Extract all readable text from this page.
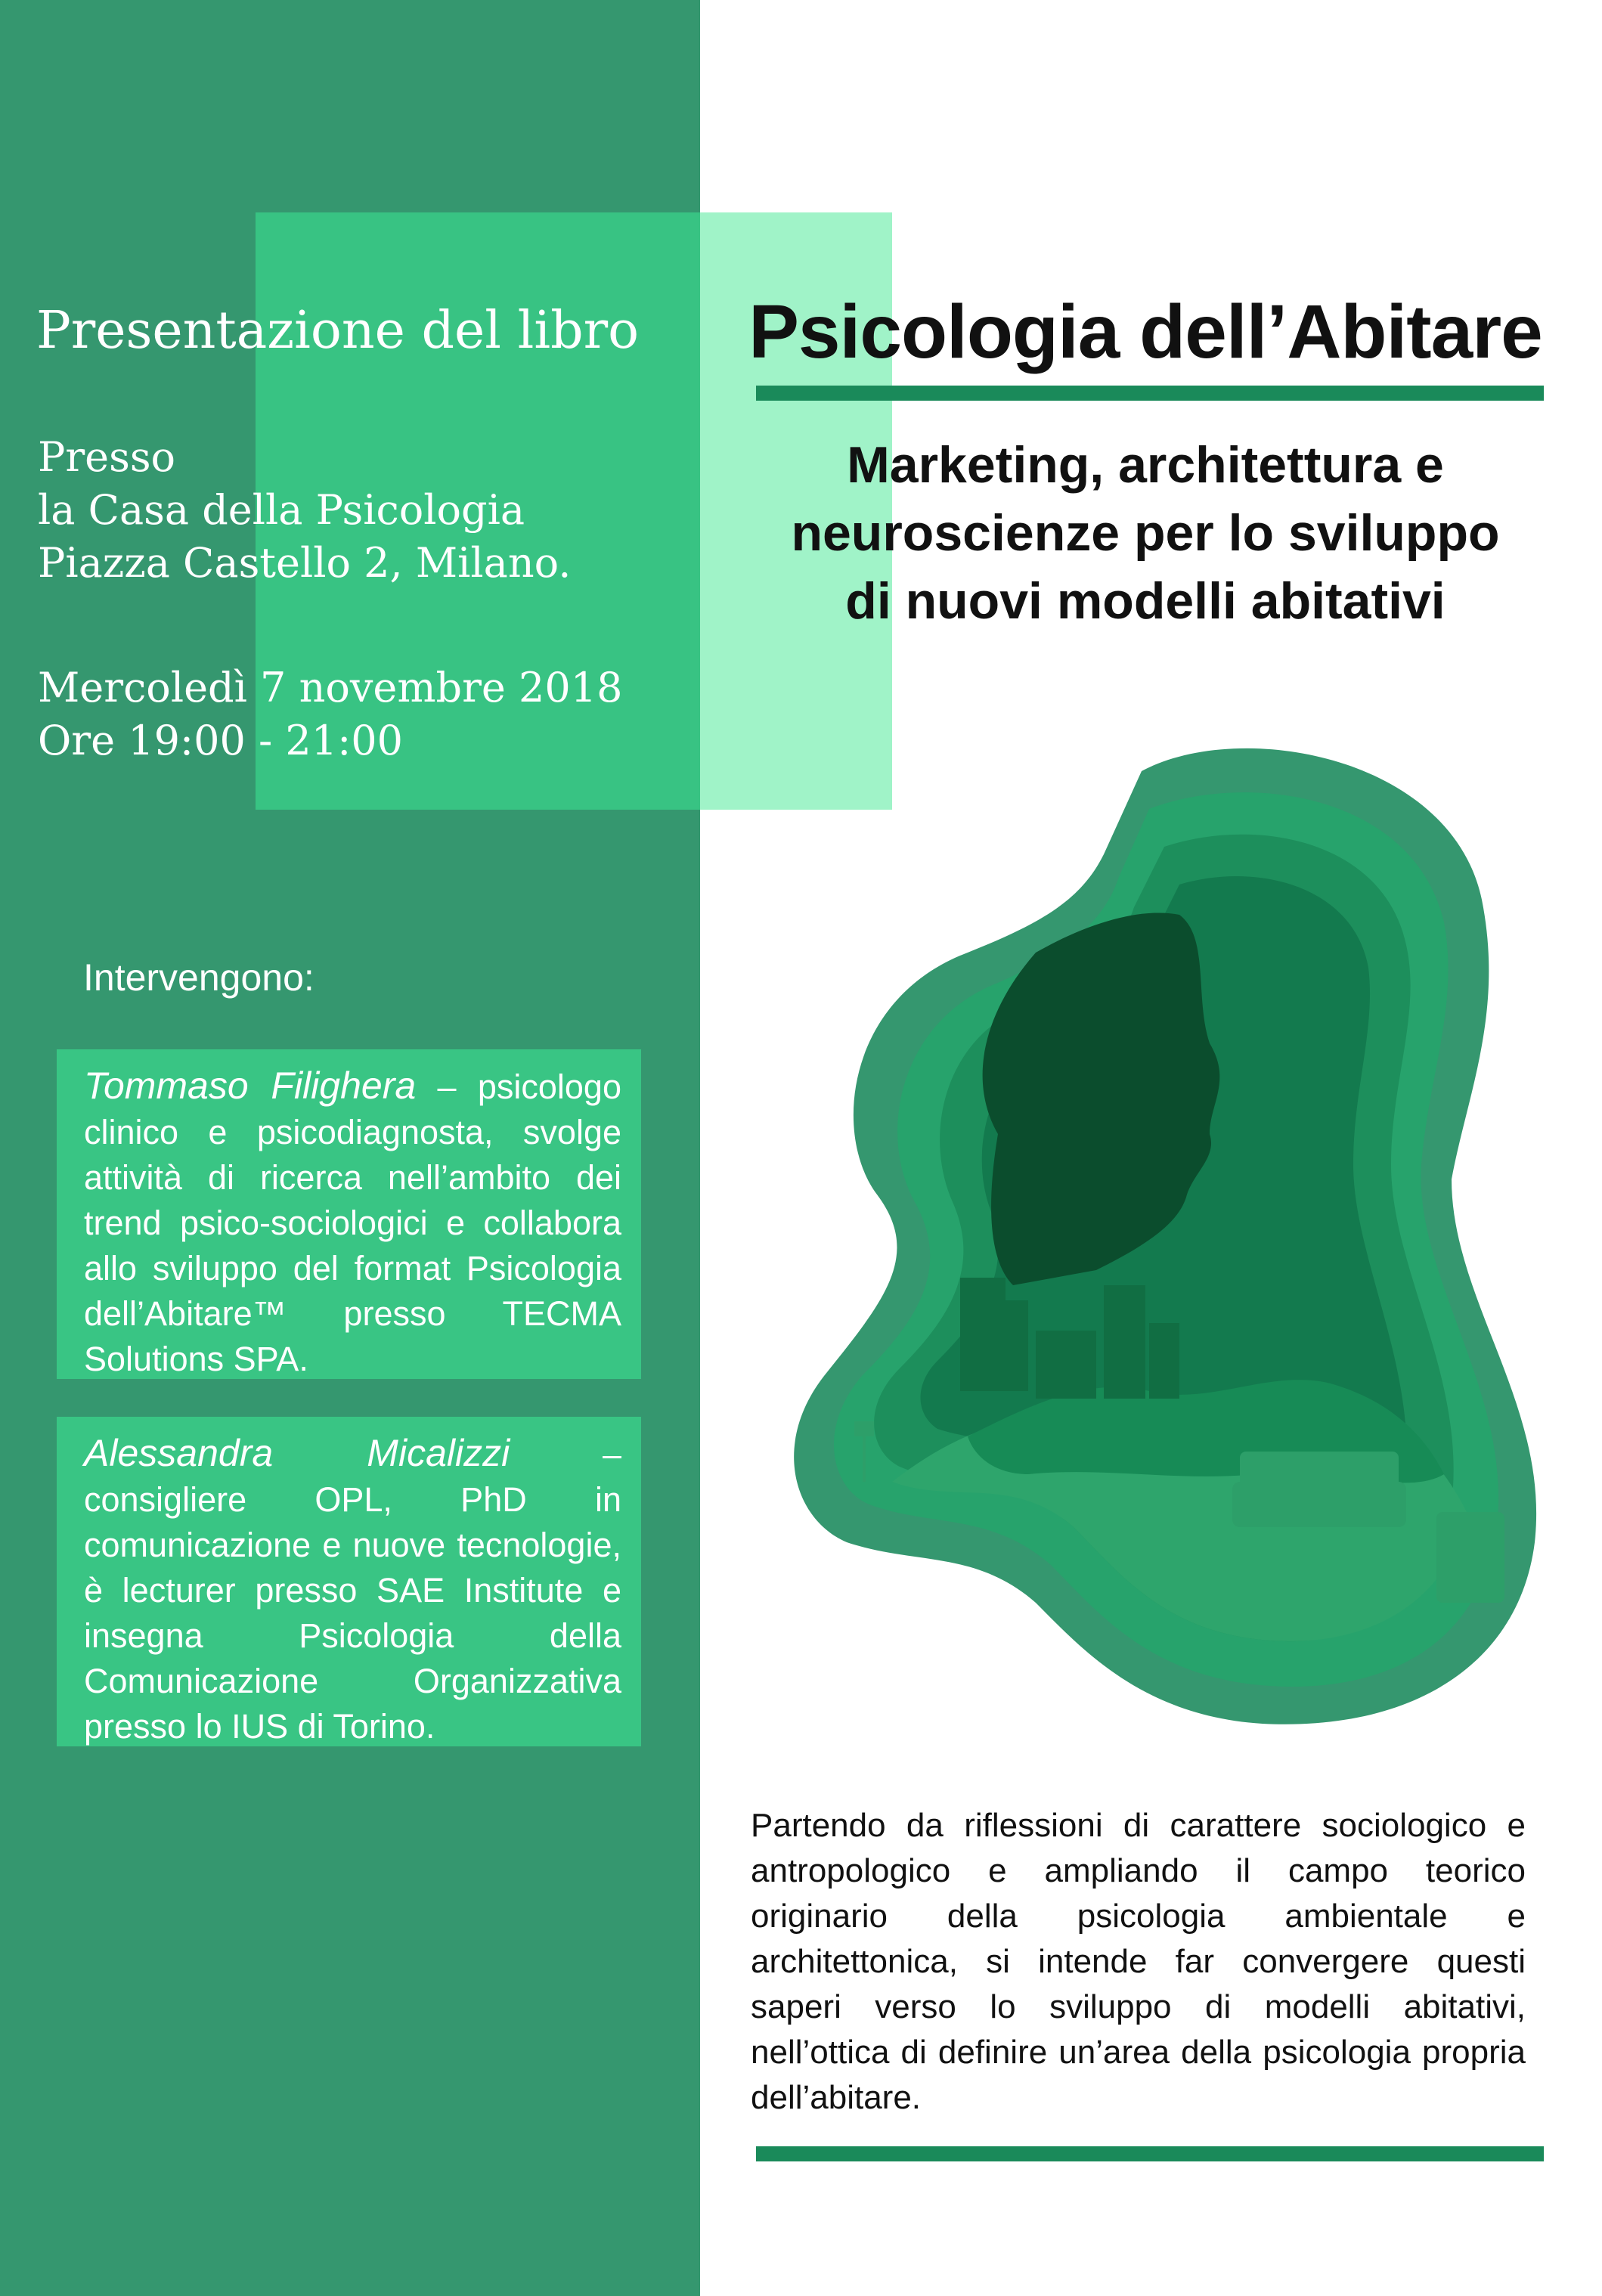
Presentazione del libro
Presso
la Casa della Psicologia
Piazza Castello 2, Milano.
Mercoledì 7 novembre 2018
Ore 19:00 - 21:00
Intervengono:
Tommaso Filighera – psicologo clinico e psicodiagnosta, svolge attività di ricerca nell’ambito dei trend psico-sociologici e collabora allo sviluppo del format Psicologia dell’Abitare™ presso TECMA Solutions SPA.
Alessandra Micalizzi – consigliere OPL, PhD in comunicazione e nuove tecnologie, è lecturer presso SAE Institute e insegna Psicologia della Comunicazione Organizzativa presso lo IUS di Torino.
Psicologia dell’Abitare
Marketing, architettura e
neuroscienze per lo sviluppo
di nuovi modelli abitativi
Partendo da riflessioni di carattere sociologico e antropologico e ampliando il campo teorico originario della psicologia ambientale e architettonica, si intende far convergere questi saperi verso lo sviluppo di modelli abitativi, nell’ottica di definire un’area della psicologia propria dell’abitare.
